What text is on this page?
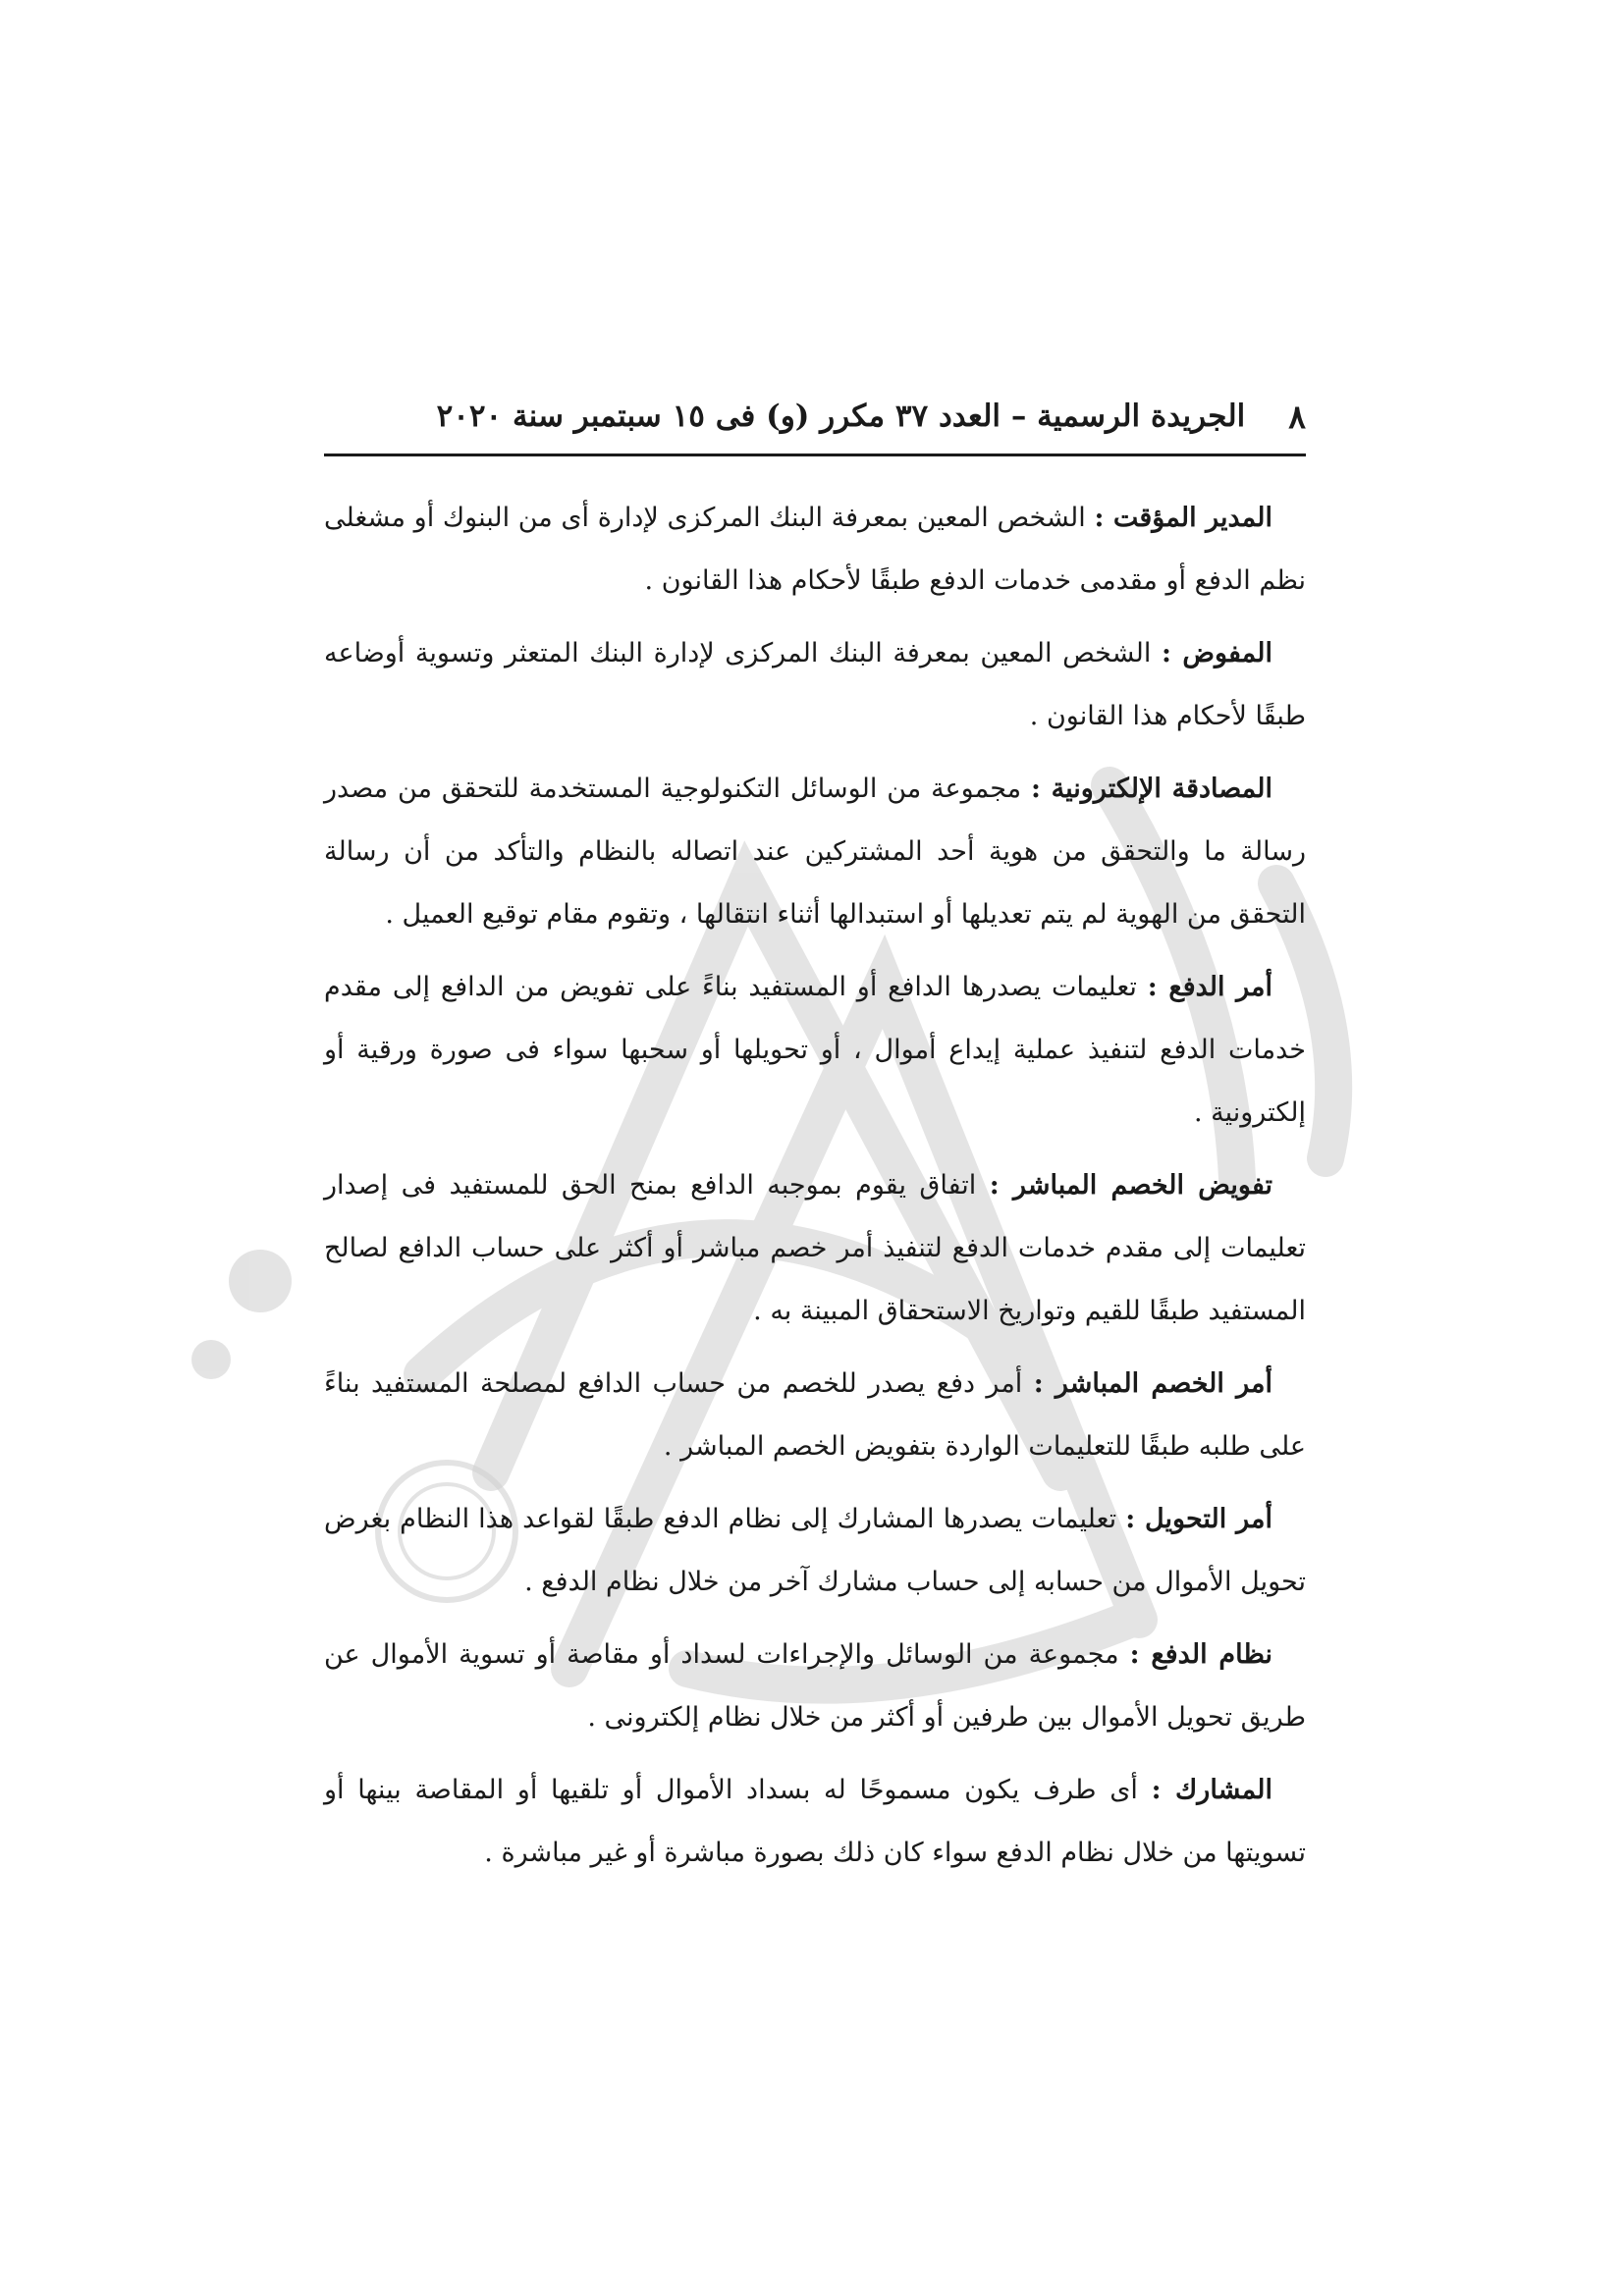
٨
الجريدة الرسمية – العدد ٣٧ مكرر (و) فى ١٥ سبتمبر سنة ٢٠٢٠

المدير المؤقت : الشخص المعين بمعرفة البنك المركزى لإدارة أى من البنوك أو مشغلى نظم الدفع أو مقدمى خدمات الدفع طبقًا لأحكام هذا القانون .

المفوض : الشخص المعين بمعرفة البنك المركزى لإدارة البنك المتعثر وتسوية أوضاعه طبقًا لأحكام هذا القانون .

المصادقة الإلكترونية : مجموعة من الوسائل التكنولوجية المستخدمة للتحقق من مصدر رسالة ما والتحقق من هوية أحد المشتركين عند اتصاله بالنظام والتأكد من أن رسالة التحقق من الهوية لم يتم تعديلها أو استبدالها أثناء انتقالها ، وتقوم مقام توقيع العميل .

أمر الدفع : تعليمات يصدرها الدافع أو المستفيد بناءً على تفويض من الدافع إلى مقدم خدمات الدفع لتنفيذ عملية إيداع أموال ، أو تحويلها أو سحبها سواء فى صورة ورقية أو إلكترونية .

تفويض الخصم المباشر : اتفاق يقوم بموجبه الدافع بمنح الحق للمستفيد فى إصدار تعليمات إلى مقدم خدمات الدفع لتنفيذ أمر خصم مباشر أو أكثر على حساب الدافع لصالح المستفيد طبقًا للقيم وتواريخ الاستحقاق المبينة به .

أمر الخصم المباشر : أمر دفع يصدر للخصم من حساب الدافع لمصلحة المستفيد بناءً على طلبه طبقًا للتعليمات الواردة بتفويض الخصم المباشر .

أمر التحويل : تعليمات يصدرها المشارك إلى نظام الدفع طبقًا لقواعد هذا النظام بغرض تحويل الأموال من حسابه إلى حساب مشارك آخر من خلال نظام الدفع .

نظام الدفع : مجموعة من الوسائل والإجراءات لسداد أو مقاصة أو تسوية الأموال عن طريق تحويل الأموال بين طرفين أو أكثر من خلال نظام إلكترونى .

المشارك : أى طرف يكون مسموحًا له بسداد الأموال أو تلقيها أو المقاصة بينها أو تسويتها من خلال نظام الدفع سواء كان ذلك بصورة مباشرة أو غير مباشرة .
